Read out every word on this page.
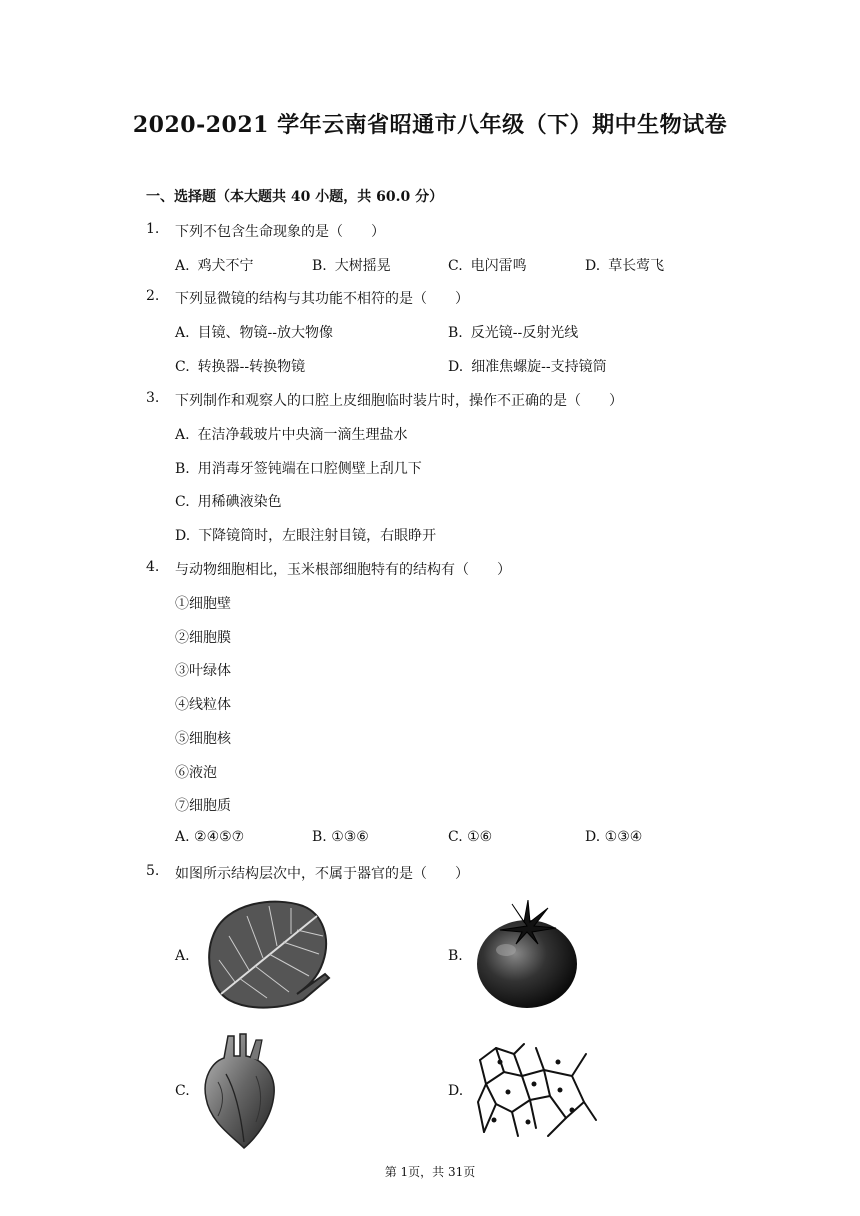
2020-2021 学年云南省昭通市八年级（下）期中生物试卷
一、选择题（本大题共 40 小题，共 60.0 分）
1. 下列不包含生命现象的是（　　）
A. 鸡犬不宁	B. 大树摇晃	C. 电闪雷鸣	D. 草长莺飞
2. 下列显微镜的结构与其功能不相符的是（　　）
A. 目镜、物镜--放大物像	B. 反光镜--反射光线
C. 转换器--转换物镜	D. 细准焦螺旋--支持镜筒
3. 下列制作和观察人的口腔上皮细胞临时装片时，操作不正确的是（　　）
A. 在洁净载玻片中央滴一滴生理盐水
B. 用消毒牙签钝端在口腔侧壁上刮几下
C. 用稀碘液染色
D. 下降镜筒时，左眼注射目镜，右眼睁开
4. 与动物细胞相比，玉米根部细胞特有的结构有（　　）
①细胞壁
②细胞膜
③叶绿体
④线粒体
⑤细胞核
⑥液泡
⑦细胞质
A. ②④⑤⑦	B. ①③⑥	C. ①⑥	D. ①③④
5. 如图所示结构层次中，不属于器官的是（　　）
A.	B.
C.	D.
第 1页，共 31页
